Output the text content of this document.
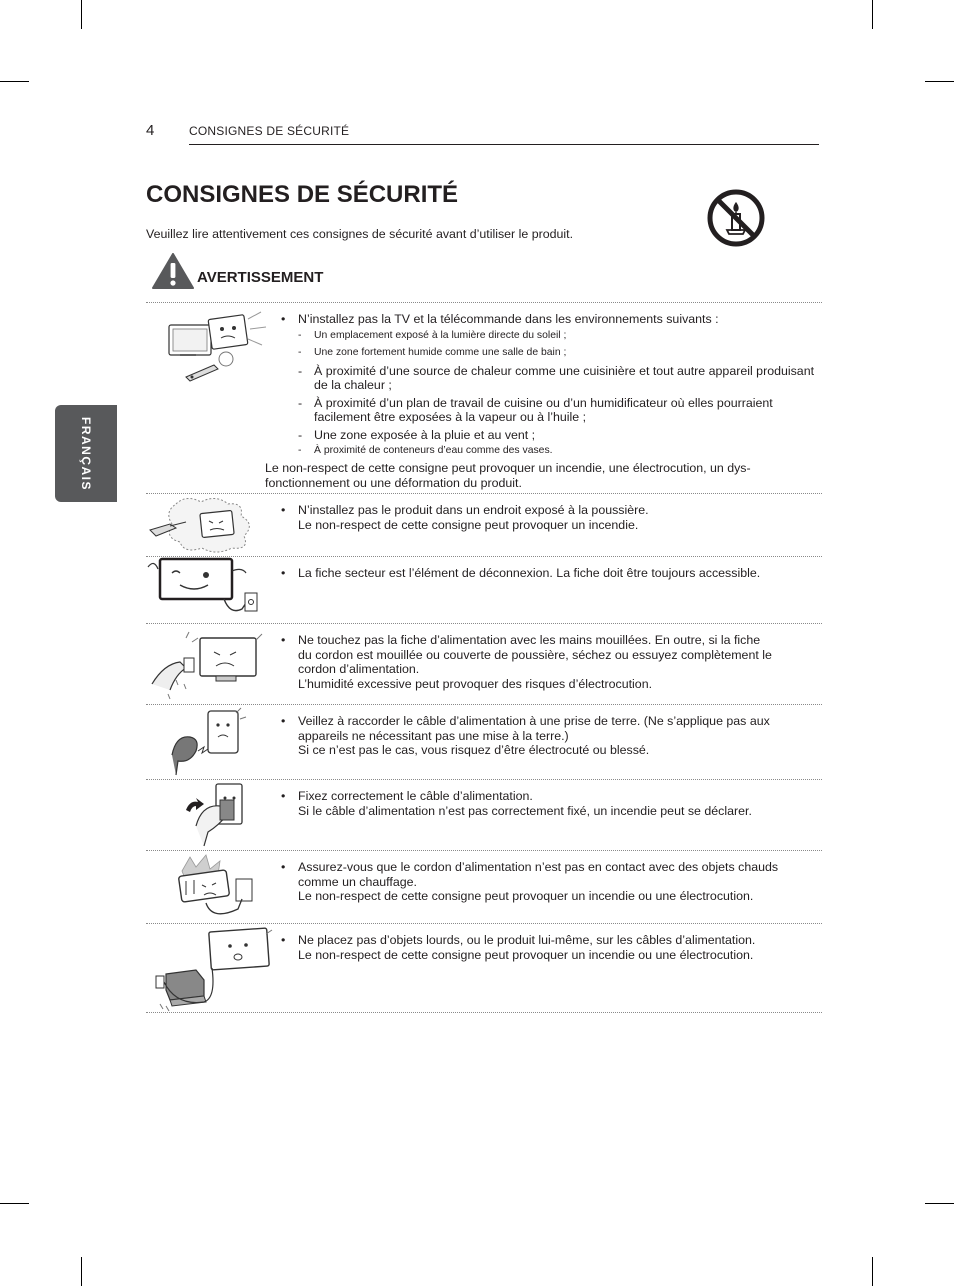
4	CONSIGNES DE SÉCURITÉ
FRANÇAIS
CONSIGNES DE SÉCURITÉ
Veuillez lire attentivement ces consignes de sécurité avant d’utiliser le produit.
AVERTISSEMENT
• N’installez pas la TV et la télécommande dans les environnements suivants :
- Un emplacement exposé à la lumière directe du soleil ;
- Une zone fortement humide comme une salle de bain ;
- À proximité d’une source de chaleur comme une cuisinière et tout autre appareil produisant de la chaleur ;
- À proximité d’un plan de travail de cuisine ou d’un humidificateur où elles pourraient facilement être exposées à la vapeur ou à l’huile ;
- Une zone exposée à la pluie et au vent ;
- À proximité de conteneurs d’eau comme des vases.
Le non-respect de cette consigne peut provoquer un incendie, une électrocution, un dys-
fonctionnement ou une déformation du produit.
• N’installez pas le produit dans un endroit exposé à la poussière.
Le non-respect de cette consigne peut provoquer un incendie.
• La fiche secteur est l’élément de déconnexion. La fiche doit être toujours accessible.
• Ne touchez pas la fiche d’alimentation avec les mains mouillées. En outre, si la fiche
du cordon est mouillée ou couverte de poussière, séchez ou essuyez complètement le
cordon d’alimentation.
L’humidité excessive peut provoquer des risques d’électrocution.
• Veillez à raccorder le câble d’alimentation à une prise de terre. (Ne s’applique pas aux
appareils ne nécessitant pas une mise à la terre.)
Si ce n’est pas le cas, vous risquez d’être électrocuté ou blessé.
• Fixez correctement le câble d’alimentation.
Si le câble d’alimentation n’est pas correctement fixé, un incendie peut se déclarer.
• Assurez-vous que le cordon d’alimentation n’est pas en contact avec des objets chauds
comme un chauffage.
Le non-respect de cette consigne peut provoquer un incendie ou une électrocution.
• Ne placez pas d’objets lourds, ou le produit lui-même, sur les câbles d’alimentation.
Le non-respect de cette consigne peut provoquer un incendie ou une électrocution.
